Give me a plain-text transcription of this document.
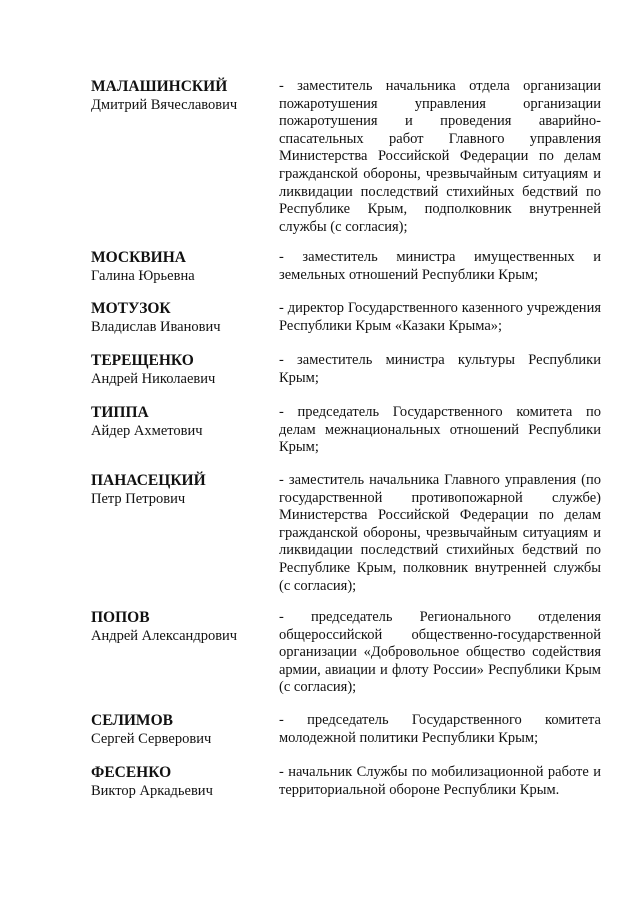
МАЛАШИНСКИЙ
Дмитрий Вячеславович
- заместитель начальника отдела организации пожаротушения управления организации пожаротушения и проведения аварийно-спасательных работ Главного управления Министерства Российской Федерации по делам гражданской обороны, чрезвычайным ситуациям и ликвидации последствий стихийных бедствий по Республике Крым, подполковник внутренней службы (с согласия);
МОСКВИНА
Галина Юрьевна
- заместитель министра имущественных и земельных отношений Республики Крым;
МОТУЗОК
Владислав Иванович
- директор Государственного казенного учреждения Республики Крым «Казаки Крыма»;
ТЕРЕЩЕНКО
Андрей Николаевич
- заместитель министра культуры Республики Крым;
ТИППА
Айдер Ахметович
- председатель Государственного комитета по делам межнациональных отношений Республики Крым;
ПАНАСЕЦКИЙ
Петр Петрович
- заместитель начальника Главного управления (по государственной противопожарной службе) Министерства Российской Федерации по делам гражданской обороны, чрезвычайным ситуациям и ликвидации последствий стихийных бедствий по Республике Крым, полковник внутренней службы (с согласия);
ПОПОВ
Андрей Александрович
- председатель Регионального отделения общероссийской общественно-государственной организации «Добровольное общество содействия армии, авиации и флоту России» Республики Крым (с согласия);
СЕЛИМОВ
Сергей Серверович
- председатель Государственного комитета молодежной политики Республики Крым;
ФЕСЕНКО
Виктор Аркадьевич
- начальник Службы по мобилизационной работе и территориальной обороне Республики Крым.
